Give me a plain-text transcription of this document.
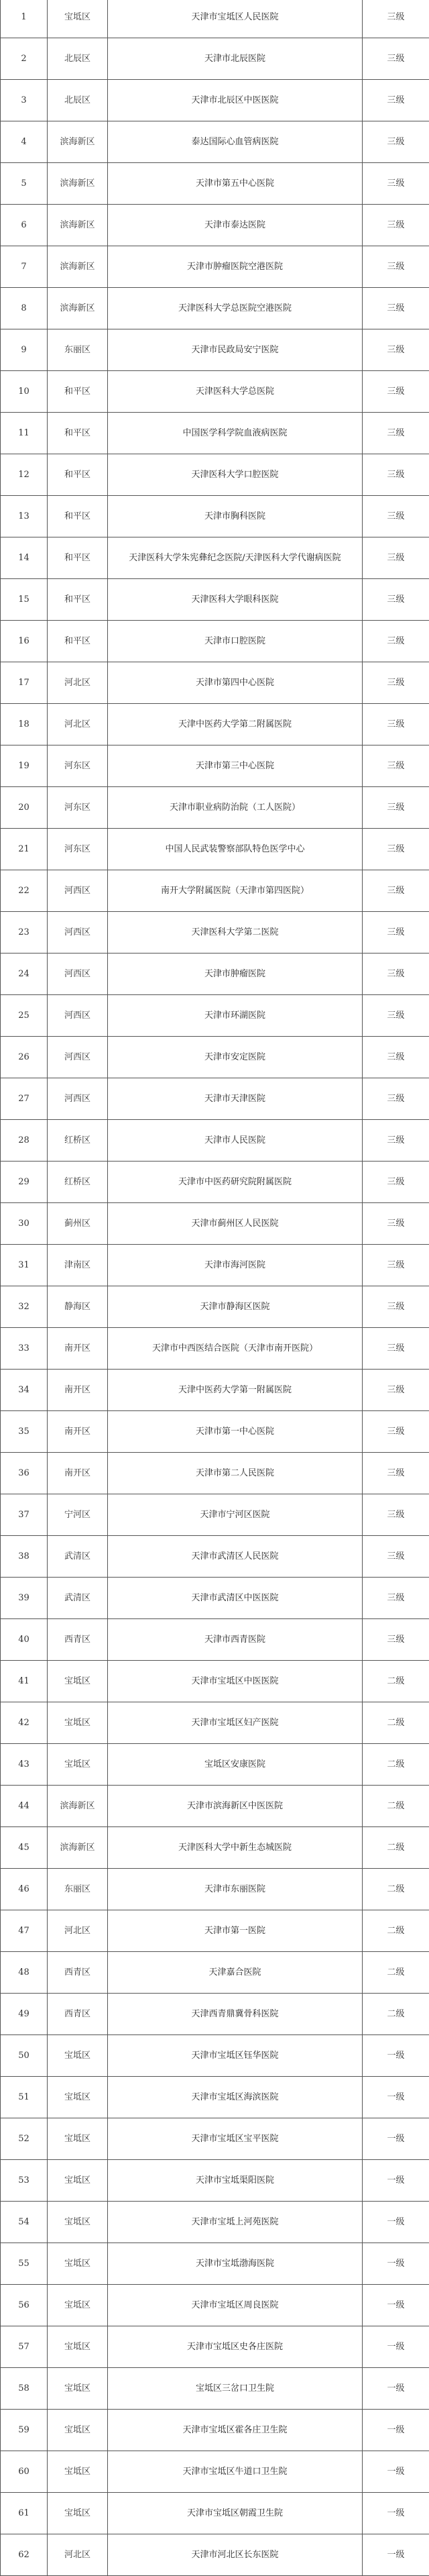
1	宝坻区	天津市宝坻区人民医院	三级
2	北辰区	天津市北辰医院	三级
3	北辰区	天津市北辰区中医医院	三级
4	滨海新区	泰达国际心血管病医院	三级
5	滨海新区	天津市第五中心医院	三级
6	滨海新区	天津市泰达医院	三级
7	滨海新区	天津市肿瘤医院空港医院	三级
8	滨海新区	天津医科大学总医院空港医院	三级
9	东丽区	天津市民政局安宁医院	三级
10	和平区	天津医科大学总医院	三级
11	和平区	中国医学科学院血液病医院	三级
12	和平区	天津医科大学口腔医院	三级
13	和平区	天津市胸科医院	三级
14	和平区	天津医科大学朱宪彝纪念医院/天津医科大学代谢病医院	三级
15	和平区	天津医科大学眼科医院	三级
16	和平区	天津市口腔医院	三级
17	河北区	天津市第四中心医院	三级
18	河北区	天津中医药大学第二附属医院	三级
19	河东区	天津市第三中心医院	三级
20	河东区	天津市职业病防治院（工人医院）	三级
21	河东区	中国人民武装警察部队特色医学中心	三级
22	河西区	南开大学附属医院（天津市第四医院）	三级
23	河西区	天津医科大学第二医院	三级
24	河西区	天津市肿瘤医院	三级
25	河西区	天津市环湖医院	三级
26	河西区	天津市安定医院	三级
27	河西区	天津市天津医院	三级
28	红桥区	天津市人民医院	三级
29	红桥区	天津市中医药研究院附属医院	三级
30	蓟州区	天津市蓟州区人民医院	三级
31	津南区	天津市海河医院	三级
32	静海区	天津市静海区医院	三级
33	南开区	天津市中西医结合医院（天津市南开医院）	三级
34	南开区	天津中医药大学第一附属医院	三级
35	南开区	天津市第一中心医院	三级
36	南开区	天津市第二人民医院	三级
37	宁河区	天津市宁河区医院	三级
38	武清区	天津市武清区人民医院	三级
39	武清区	天津市武清区中医医院	三级
40	西青区	天津市西青医院	三级
41	宝坻区	天津市宝坻区中医医院	二级
42	宝坻区	天津市宝坻区妇产医院	二级
43	宝坻区	宝坻区安康医院	二级
44	滨海新区	天津市滨海新区中医医院	二级
45	滨海新区	天津医科大学中新生态城医院	二级
46	东丽区	天津市东丽医院	二级
47	河北区	天津市第一医院	二级
48	西青区	天津嘉合医院	二级
49	西青区	天津西青鼎冀骨科医院	二级
50	宝坻区	天津市宝坻区钰华医院	一级
51	宝坻区	天津市宝坻区海滨医院	一级
52	宝坻区	天津市宝坻区宝平医院	一级
53	宝坻区	天津市宝坻渠阳医院	一级
54	宝坻区	天津市宝坻上河苑医院	一级
55	宝坻区	天津市宝坻渤海医院	一级
56	宝坻区	天津市宝坻区周良医院	一级
57	宝坻区	天津市宝坻区史各庄医院	一级
58	宝坻区	宝坻区三岔口卫生院	一级
59	宝坻区	天津市宝坻区霍各庄卫生院	一级
60	宝坻区	天津市宝坻区牛道口卫生院	一级
61	宝坻区	天津市宝坻区朝霞卫生院	一级
62	河北区	天津市河北区长东医院	一级
